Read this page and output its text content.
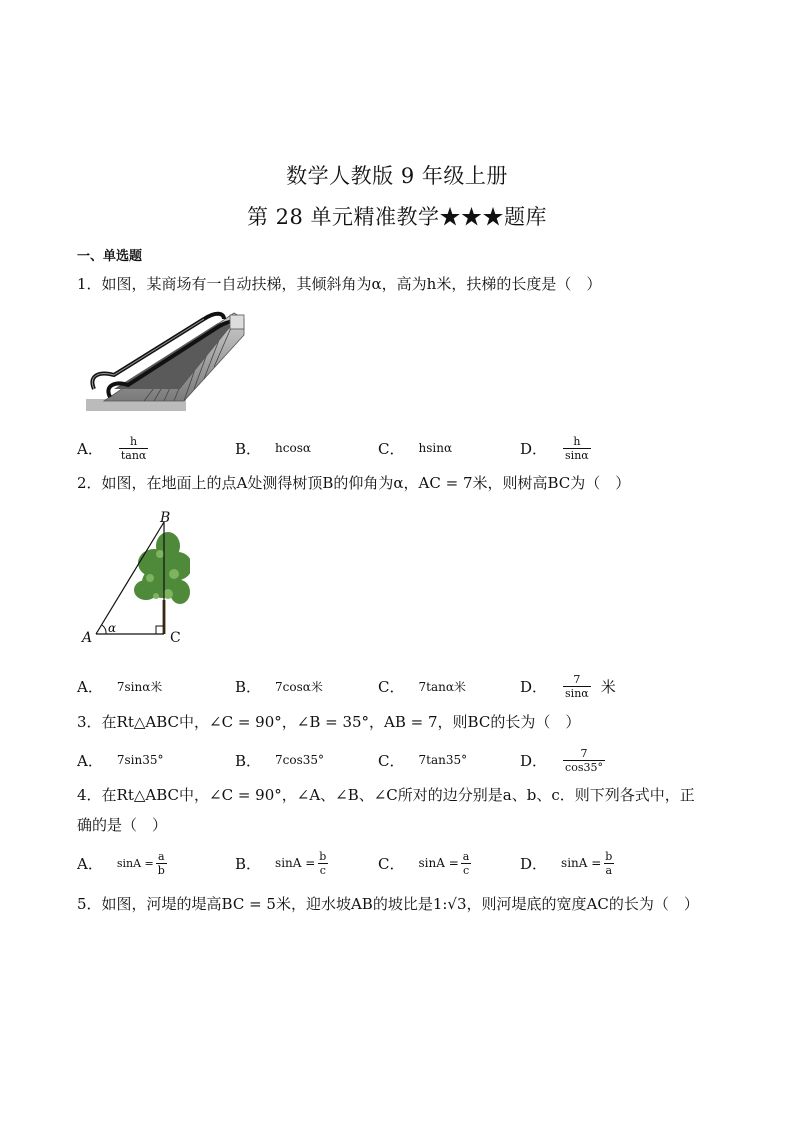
数学人教版 9 年级上册
第 28 单元精准教学★★★题库
一、单选题
1．如图，某商场有一自动扶梯，其倾斜角为α，高为h米，扶梯的长度是（　）
A． $\frac{h}{\tan\alpha}$	B． hcosα	C． hsinα	D． $\frac{h}{\sin\alpha}$
2．如图，在地面上的点A处测得树顶B的仰角为α，AC = 7米，则树高BC为（　）
B
A	C
α
A． 7sinα米	B． 7cosα米	C． 7tanα米	D． $\frac{7}{\sin\alpha}$ 米
3．在Rt△ABC中，∠C = 90°，∠B = 35°，AB = 7，则BC的长为（　）
A． 7sin35°	B． 7cos35°	C． 7tan35°	D． $\frac{7}{\cos 35^\circ}$
4．在Rt△ABC中，∠C = 90°，∠A、∠B、∠C所对的边分别是a、b、c．则下列各式中，正
确的是（　）
A． $\sin A = \frac{a}{b}$	B． $\sin A = \frac{b}{c}$	C． $\sin A = \frac{a}{c}$	D． $\sin A = \frac{b}{a}$
5．如图，河堤的堤高BC = 5米，迎水坡AB的坡比是1:√3，则河堤底的宽度AC的长为（　）
